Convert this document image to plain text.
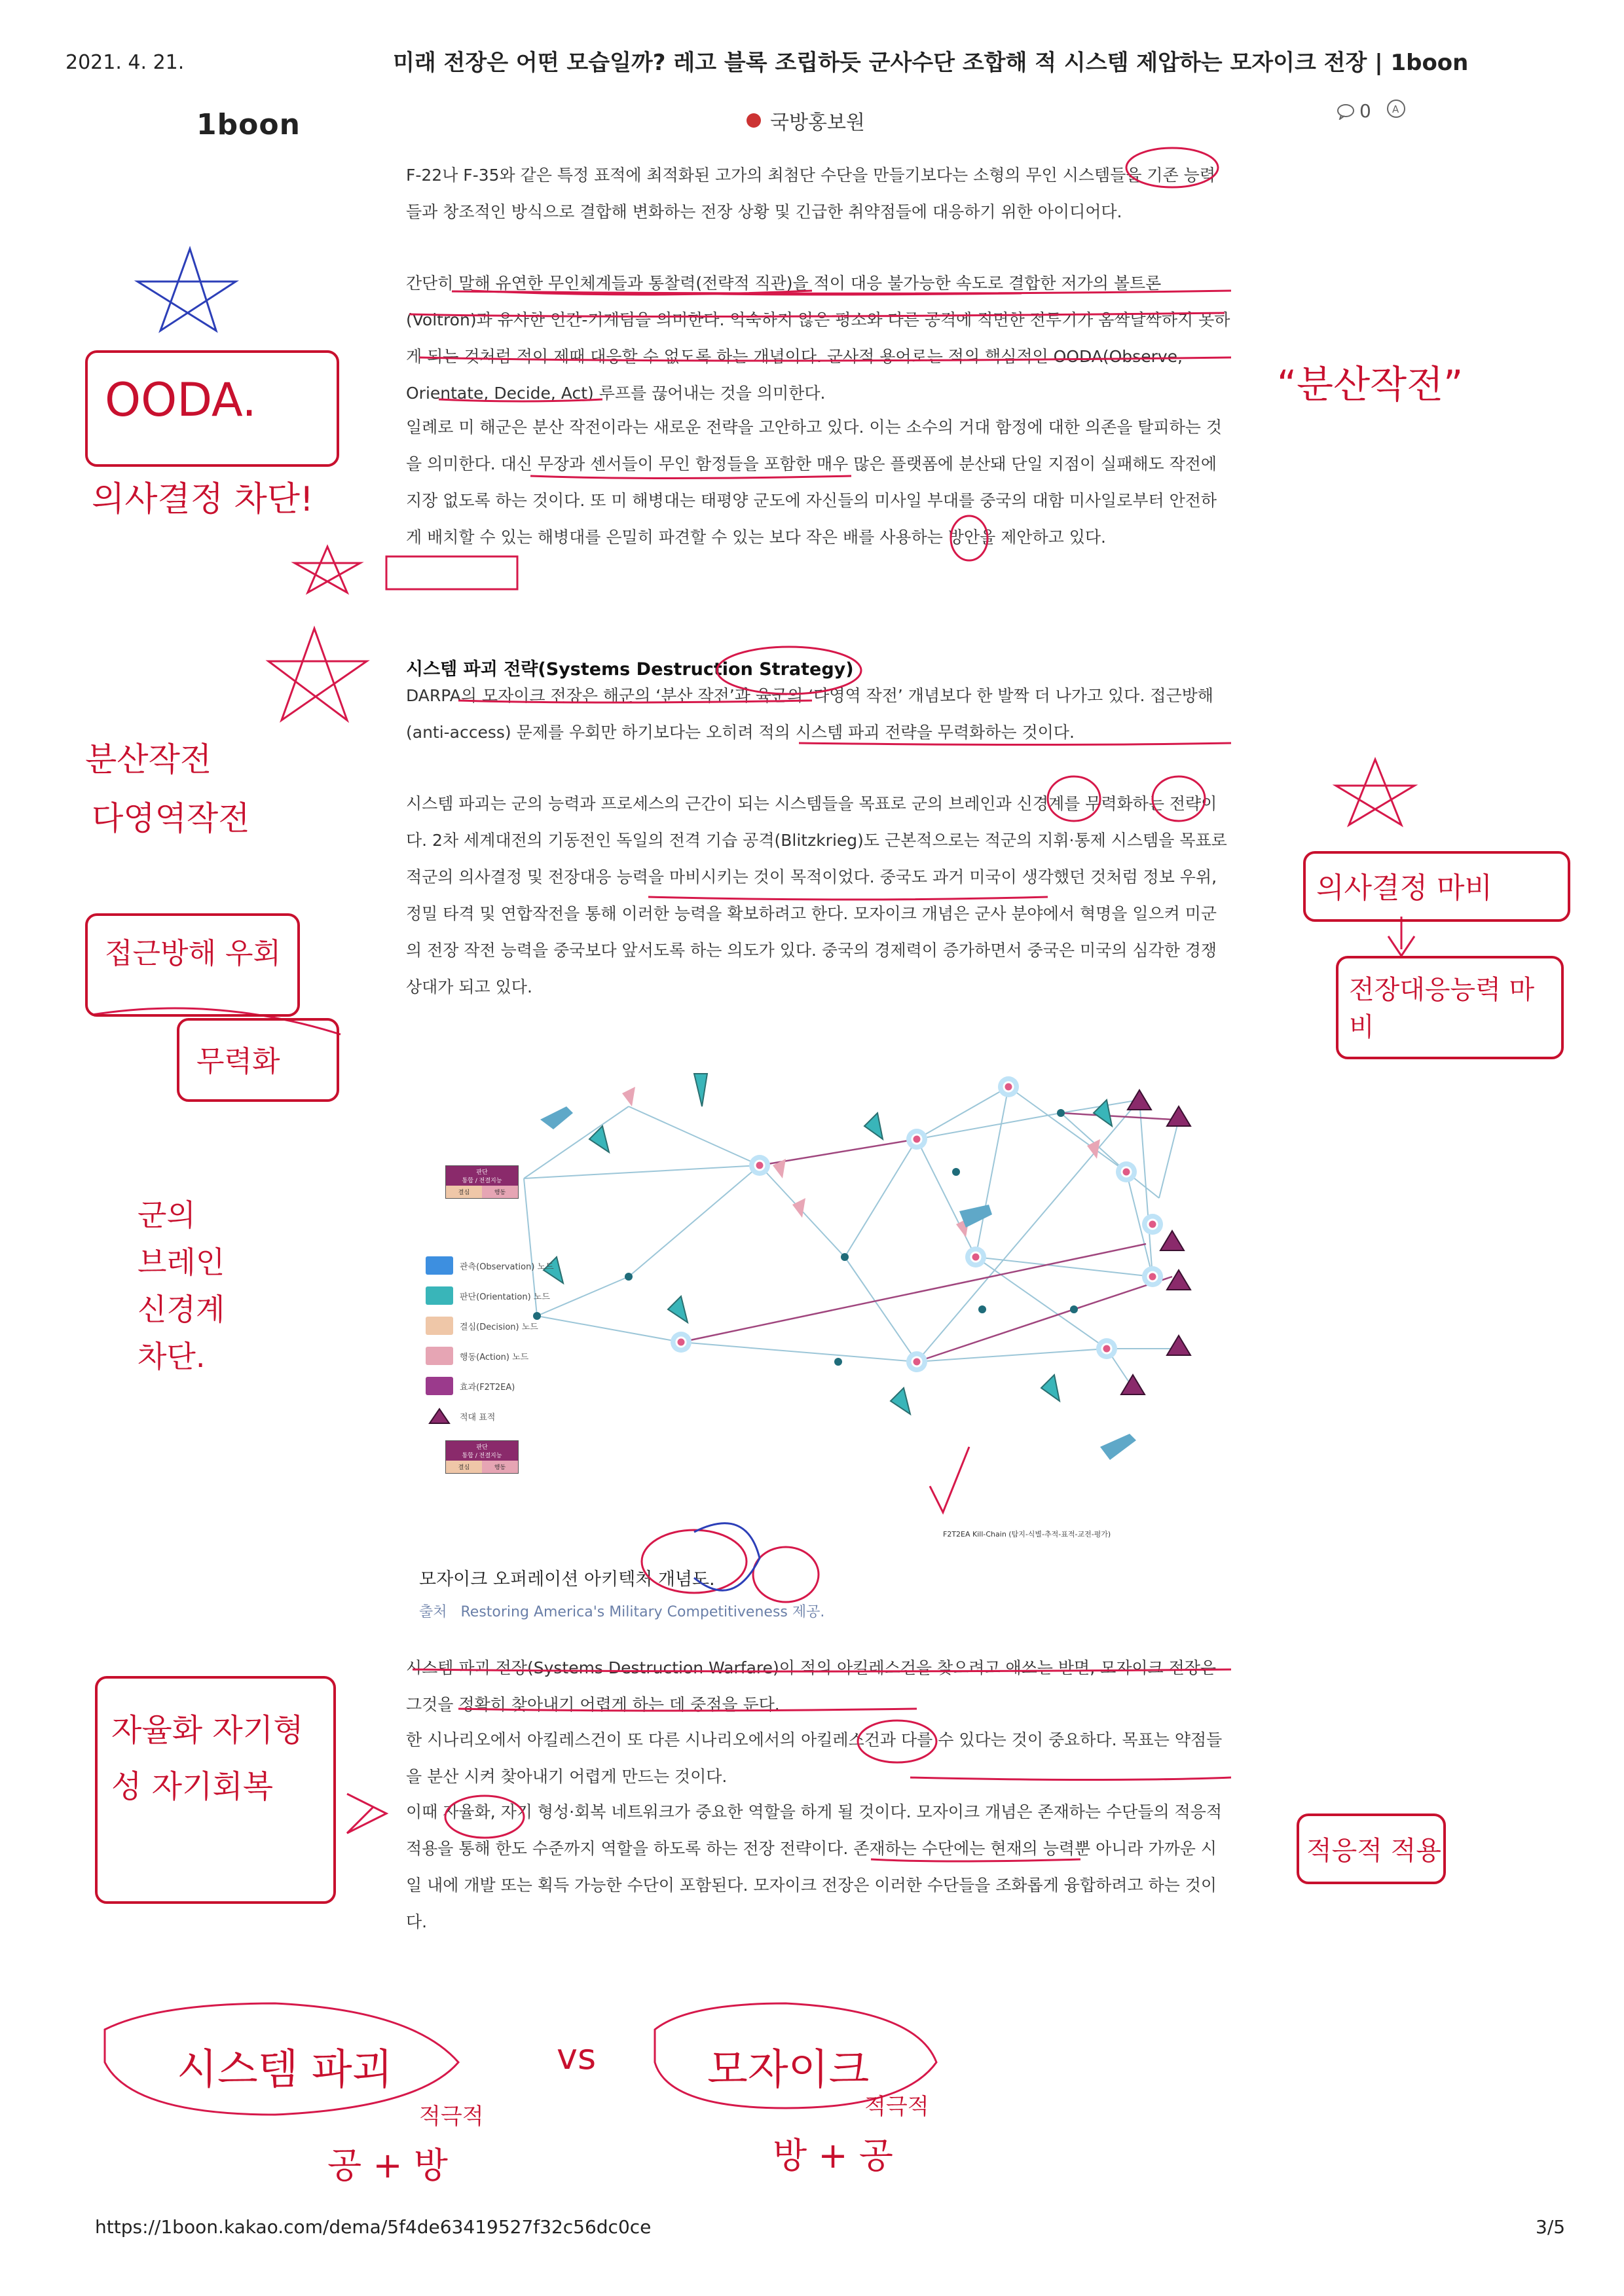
2021. 4. 21.	미래 전장은 어떤 모습일까? 레고 블록 조립하듯 군사수단 조합해 적 시스템 제압하는 모자이크 전장 | 1boon
1boon	국방홍보원
0 A

F-22나 F-35와 같은 특정 표적에 최적화된 고가의 최첨단 수단을 만들기보다는 소형의 무인 시스템들을 기존 능력들과 창조적인 방식으로 결합해 변화하는 전장 상황 및 긴급한 취약점들에 대응하기 위한 아이디어다.

간단히 말해 유연한 무인체계들과 통찰력(전략적 직관)을 적이 대응 불가능한 속도로 결합한 저가의 볼트론(Voltron)과 유사한 인간-기계팀을 의미한다. 익숙하지 않은 평소와 다른 공격에 직면한 전투기가 옴짝달싹하지 못하게 되는 것처럼 적이 제때 대응할 수 없도록 하는 개념이다. 군사적 용어로는 적의 핵심적인 OODA(Observe, Orientate, Decide, Act) 루프를 끊어내는 것을 의미한다.

일례로 미 해군은 분산 작전이라는 새로운 전략을 고안하고 있다. 이는 소수의 거대 함정에 대한 의존을 탈피하는 것을 의미한다. 대신 무장과 센서들이 무인 함정들을 포함한 매우 많은 플랫폼에 분산돼 단일 지점이 실패해도 작전에 지장 없도록 하는 것이다. 또 미 해병대는 태평양 군도에 자신들의 미사일 부대를 중국의 대함 미사일로부터 안전하게 배치할 수 있는 해병대를 은밀히 파견할 수 있는 보다 작은 배를 사용하는 방안을 제안하고 있다.

시스템 파괴 전략(Systems Destruction Strategy)

DARPA의 모자이크 전장은 해군의 ‘분산 작전’과 육군의 ‘다영역 작전’ 개념보다 한 발짝 더 나가고 있다. 접근방해(anti-access) 문제를 우회만 하기보다는 오히려 적의 시스템 파괴 전략을 무력화하는 것이다.

시스템 파괴는 군의 능력과 프로세스의 근간이 되는 시스템들을 목표로 군의 브레인과 신경계를 무력화하는 전략이다. 2차 세계대전의 기동전인 독일의 전격 기습 공격(Blitzkrieg)도 근본적으로는 적군의 지휘·통제 시스템을 목표로 적군의 의사결정 및 전장대응 능력을 마비시키는 것이 목적이었다. 중국도 과거 미국이 생각했던 것처럼 정보 우위, 정밀 타격 및 연합작전을 통해 이러한 능력을 확보하려고 한다. 모자이크 개념은 군사 분야에서 혁명을 일으켜 미군의 전장 작전 능력을 중국보다 앞서도록 하는 의도가 있다. 중국의 경제력이 증가하면서 중국은 미국의 심각한 경쟁 상대가 되고 있다.

판단
통합 / 전결지능
결심	행동
관측(Observation) 노드
판단(Orientation) 노드
결심(Decision) 노드
행동(Action) 노드
효과(F2T2EA)
적대 표적
판단
통합 / 전결지능
결심	행동
F2T2EA Kill-Chain (탐지-식별-추적-표적-교전-평가)
모자이크 오퍼레이션 아키텍처 개념도.
출처 Restoring America's Military Competitiveness 제공.

시스템 파괴 전장(Systems Destruction Warfare)이 적의 아킬레스건을 찾으려고 애쓰는 반면, 모자이크 전장은 그것을 정확히 찾아내기 어렵게 하는 데 중점을 둔다.

한 시나리오에서 아킬레스건이 또 다른 시나리오에서의 아킬레스건과 다를 수 있다는 것이 중요하다. 목표는 약점들을 분산 시켜 찾아내기 어렵게 만드는 것이다.

이때 자율화, 자기 형성·회복 네트워크가 중요한 역할을 하게 될 것이다. 모자이크 개념은 존재하는 수단들의 적응적 적용을 통해 한도 수준까지 역할을 하도록 하는 전장 전략이다. 존재하는 수단에는 현재의 능력뿐 아니라 가까운 시일 내에 개발 또는 획득 가능한 수단이 포함된다. 모자이크 전장은 이러한 수단들을 조화롭게 융합하려고 하는 것이다.

OODA.
의사결정 차단!
“분산작전”
분산작전
다영역작전
접근방해 우회
무력화
군의
브레인
신경계
차단.
의사결정 마비
전장대응능력 마비
자율화 자기형성 자기회복
적응적 적용
시스템 파괴	vs	모자이크
적극적
공 + 방
적극적
방 + 공
https://1boon.kakao.com/dema/5f4de63419527f32c56dc0ce	3/5
